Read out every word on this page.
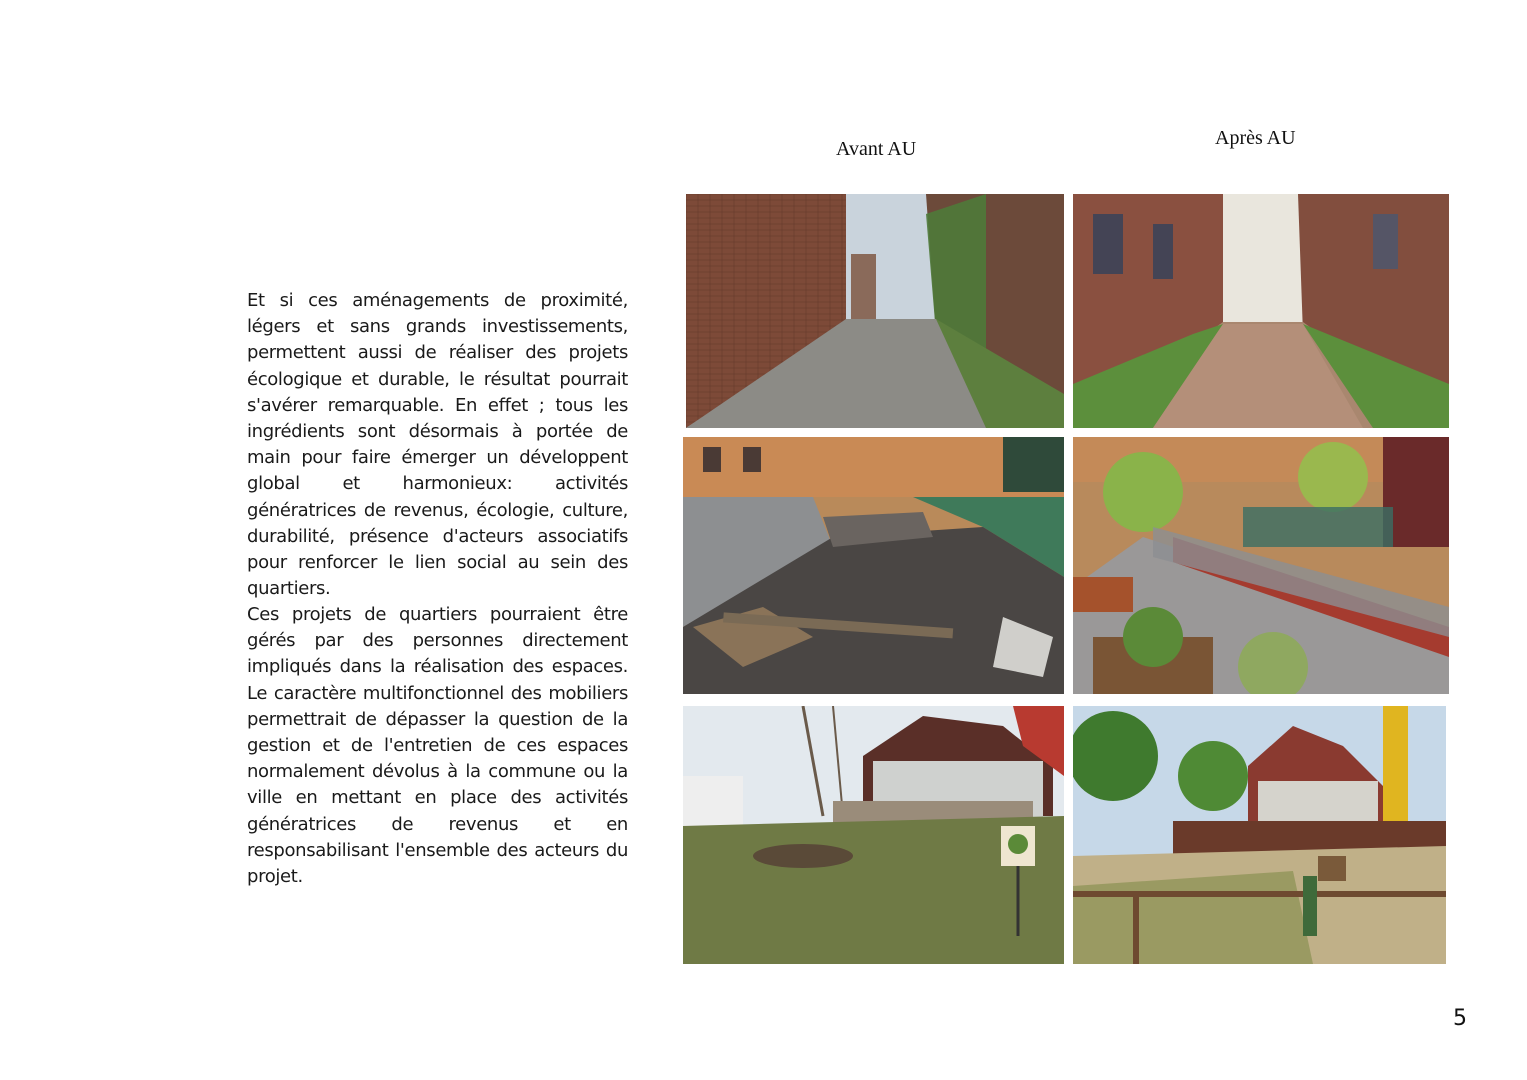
Avant AU	Après AU

Et si ces aménagements de proximité, légers et sans grands investissements, permettent aussi de réaliser des projets écologique et durable, le résultat pourrait s'avérer remarquable. En effet ; tous les ingrédients sont désormais à portée de main pour faire émerger un développent global et harmonieux: activités génératrices de revenus, écologie, culture, durabilité, présence d'acteurs associatifs pour renforcer le lien social au sein des quartiers.

Ces projets de quartiers pourraient être gérés par des personnes directement impliqués dans la réalisation des espaces. Le caractère multifonctionnel des mobiliers permettrait de dépasser la question de la gestion et de l'entretien de ces espaces normalement dévolus à la commune ou la ville en mettant en place des activités génératrices de revenus et en responsabilisant l'ensemble des acteurs du projet.

5
